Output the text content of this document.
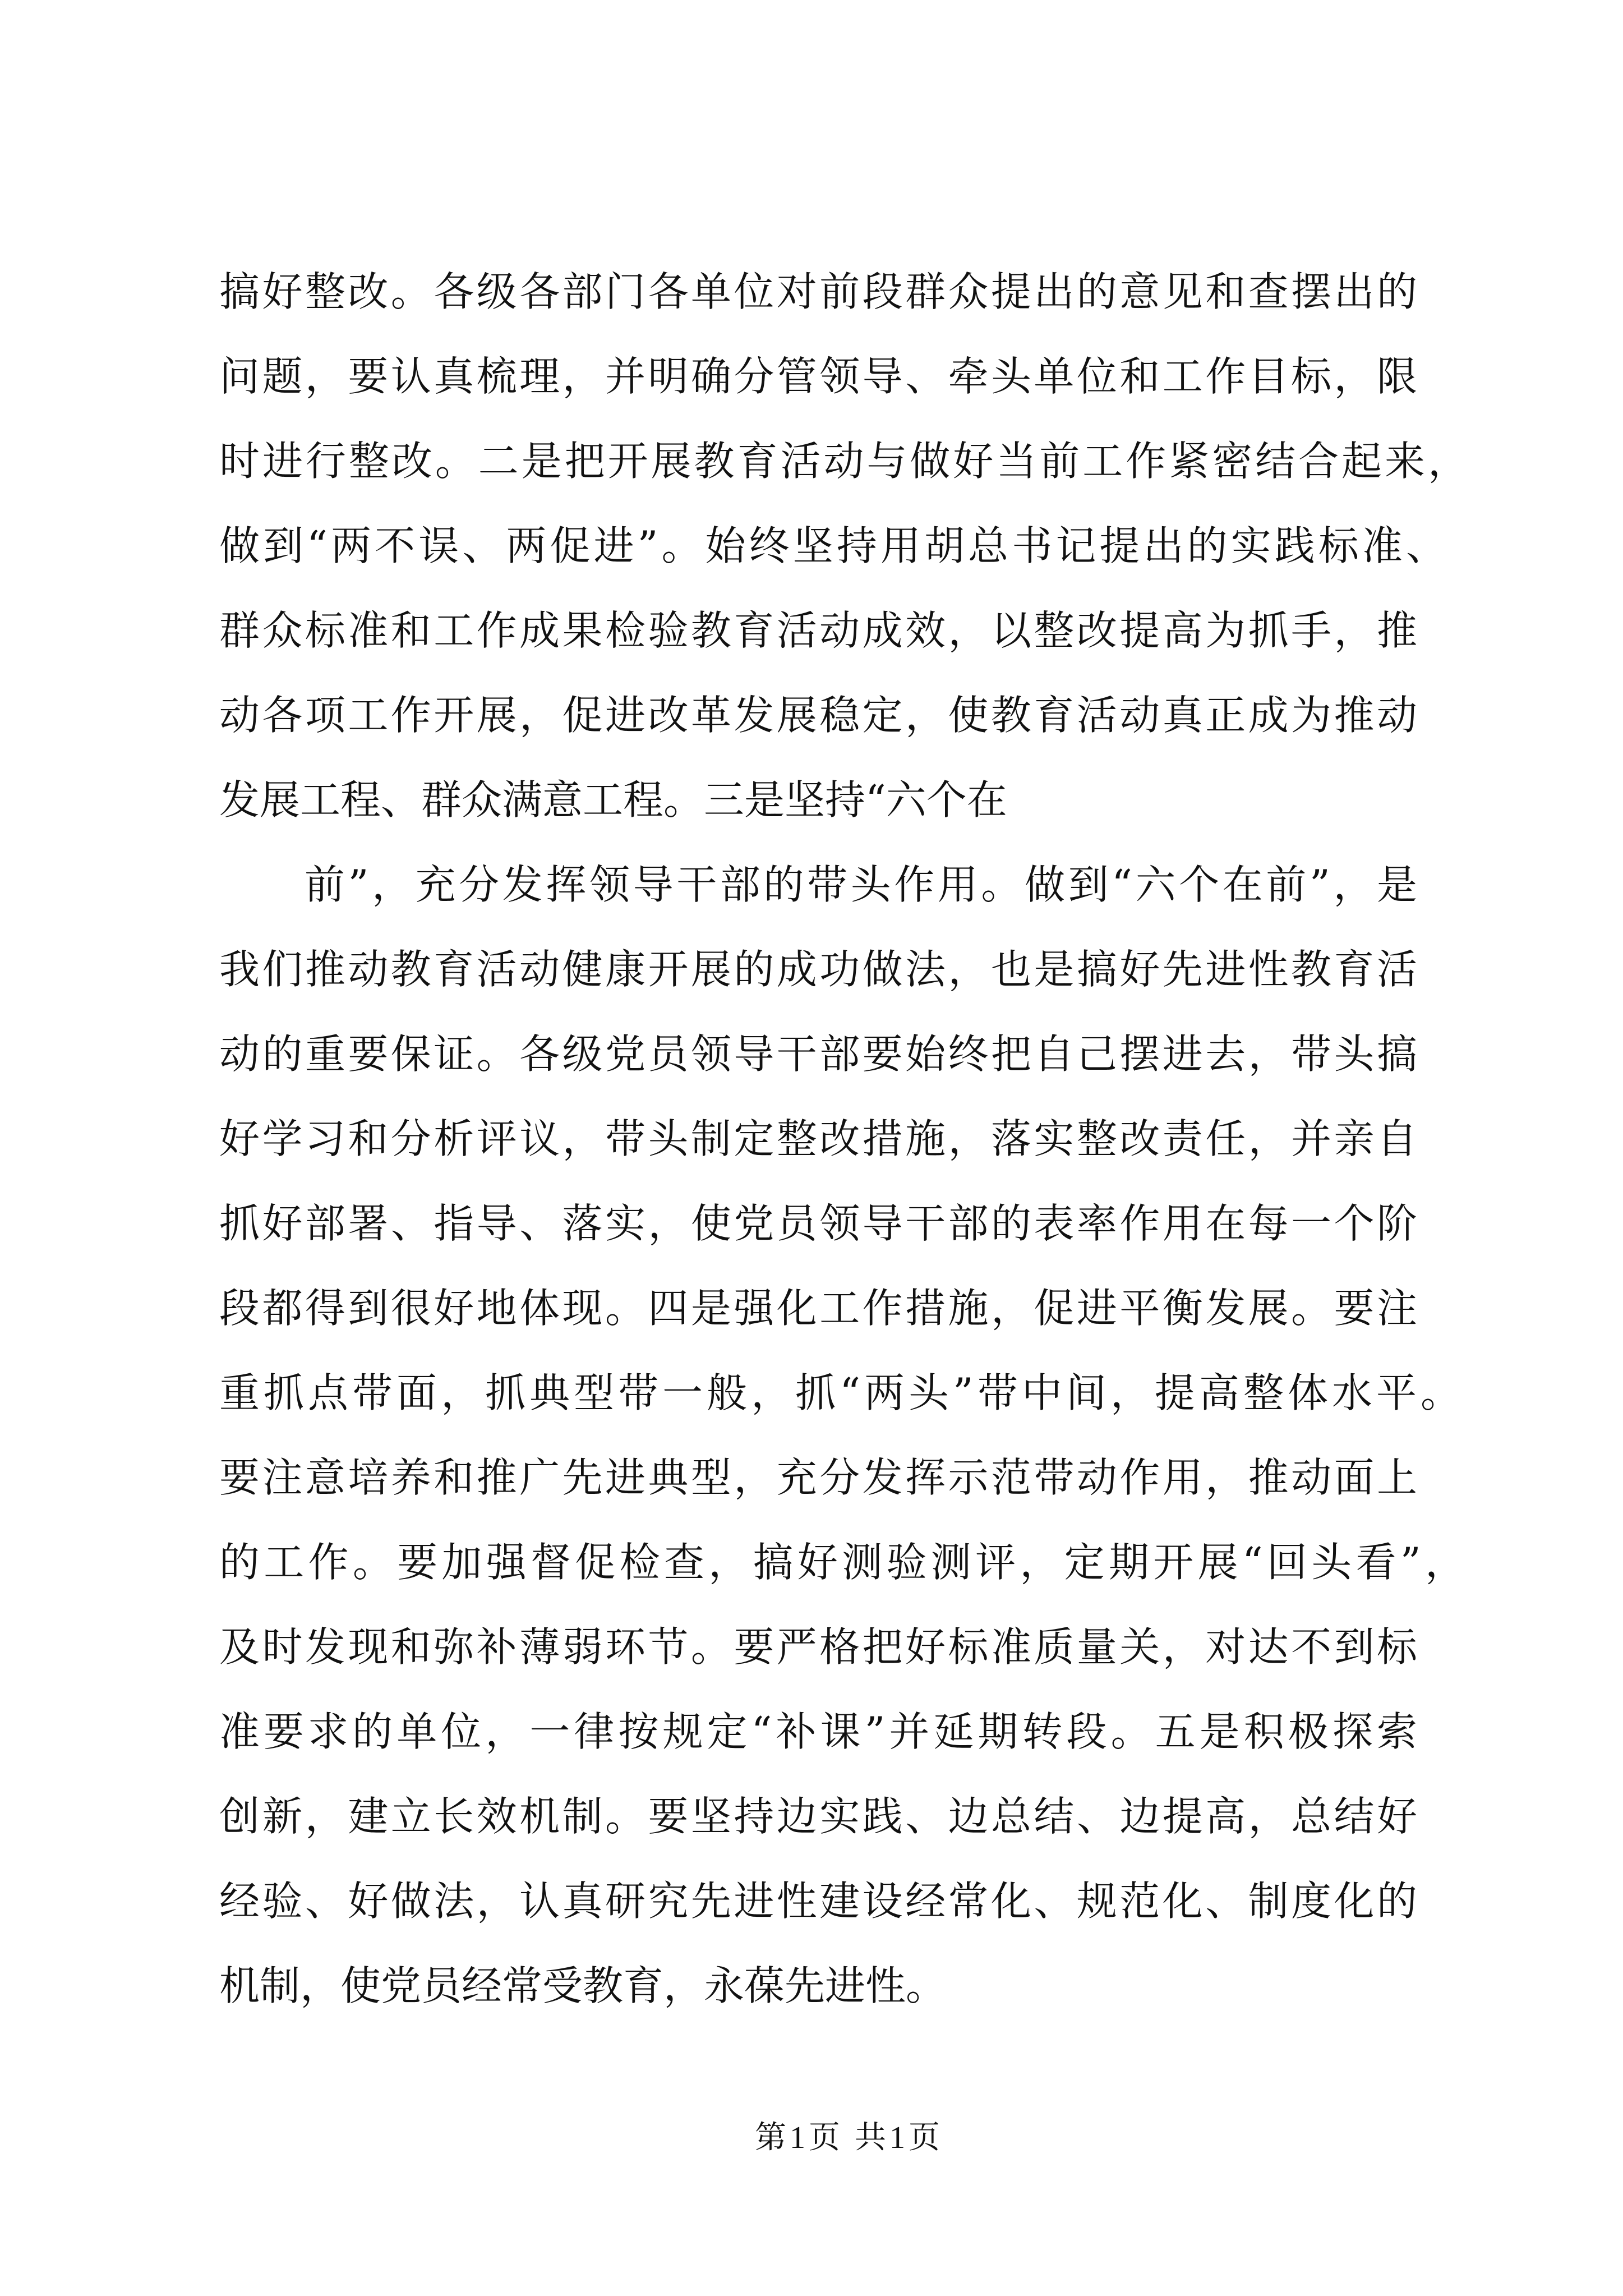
搞好整改。各级各部门各单位对前段群众提出的意见和查摆出的
问题，要认真梳理，并明确分管领导、牵头单位和工作目标，限
时进行整改。二是把开展教育活动与做好当前工作紧密结合起来，
做到“两不误、两促进”。始终坚持用胡总书记提出的实践标准、
群众标准和工作成果检验教育活动成效，以整改提高为抓手，推
动各项工作开展，促进改革发展稳定，使教育活动真正成为推动
发展工程、群众满意工程。三是坚持“六个在
前”，充分发挥领导干部的带头作用。做到“六个在前”，是
我们推动教育活动健康开展的成功做法，也是搞好先进性教育活
动的重要保证。各级党员领导干部要始终把自己摆进去，带头搞
好学习和分析评议，带头制定整改措施，落实整改责任，并亲自
抓好部署、指导、落实，使党员领导干部的表率作用在每一个阶
段都得到很好地体现。四是强化工作措施，促进平衡发展。要注
重抓点带面，抓典型带一般，抓“两头”带中间，提高整体水平。
要注意培养和推广先进典型，充分发挥示范带动作用，推动面上
的工作。要加强督促检查，搞好测验测评，定期开展“回头看”，
及时发现和弥补薄弱环节。要严格把好标准质量关，对达不到标
准要求的单位，一律按规定“补课”并延期转段。五是积极探索
创新，建立长效机制。要坚持边实践、边总结、边提高，总结好
经验、好做法，认真研究先进性建设经常化、规范化、制度化的
机制，使党员经常受教育，永葆先进性。
第1页 共1页
